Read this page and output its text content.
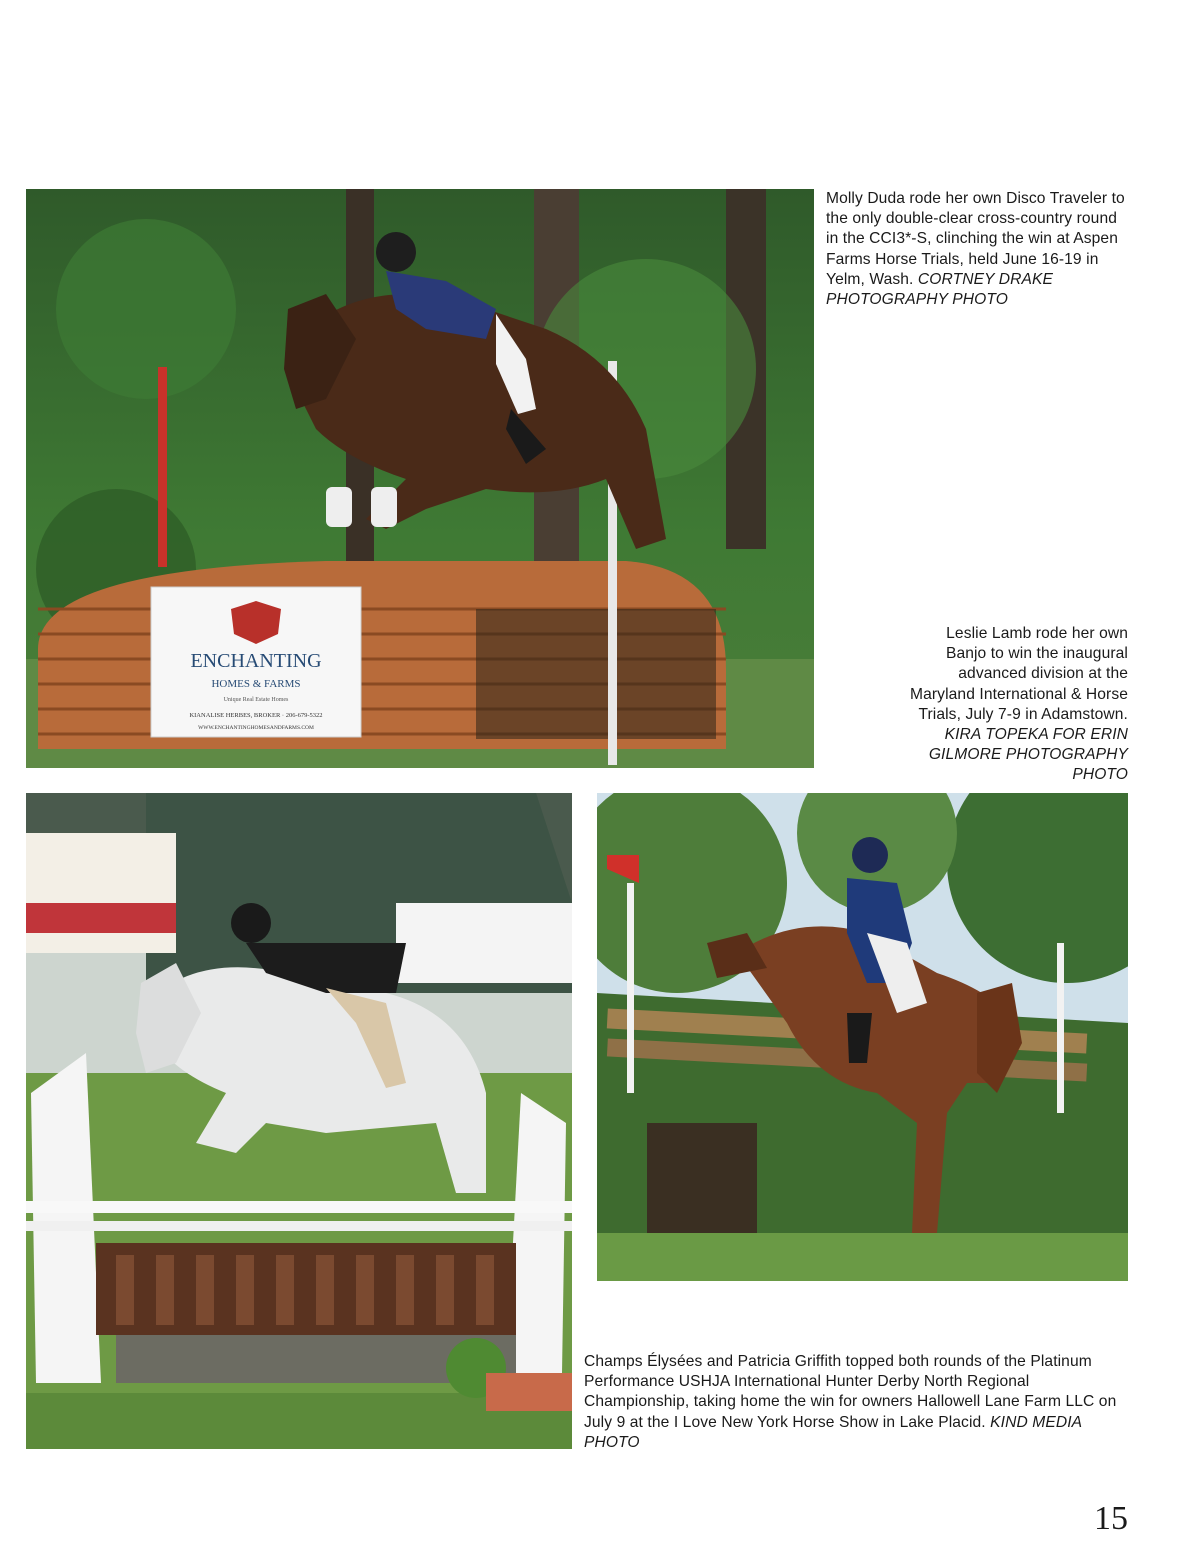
ENCHANTING
HOMES & FARMS
Unique Real Estate Homes
KIANALISE HERBES, BROKER · 206-679-5322
WWW.ENCHANTINGHOMESANDFARMS.COM
Molly Duda rode her own Disco Traveler to the only double-clear cross-country round in the CCI3*-S, clinching the win at Aspen Farms Horse Trials, held June 16-19 in Yelm, Wash. CORTNEY DRAKE PHOTOGRAPHY PHOTO
Leslie Lamb rode her own Banjo to win the inaugural advanced division at the Maryland International & Horse Trials, July 7-9 in Adamstown. KIRA TOPEKA FOR ERIN GILMORE PHOTOGRAPHY PHOTO
Champs Élysées and Patricia Griffith topped both rounds of the Platinum Performance USHJA International Hunter Derby North Regional Championship, taking home the win for owners Hallowell Lane Farm LLC on July 9 at the I Love New York Horse Show in Lake Placid. KIND MEDIA PHOTO
15
